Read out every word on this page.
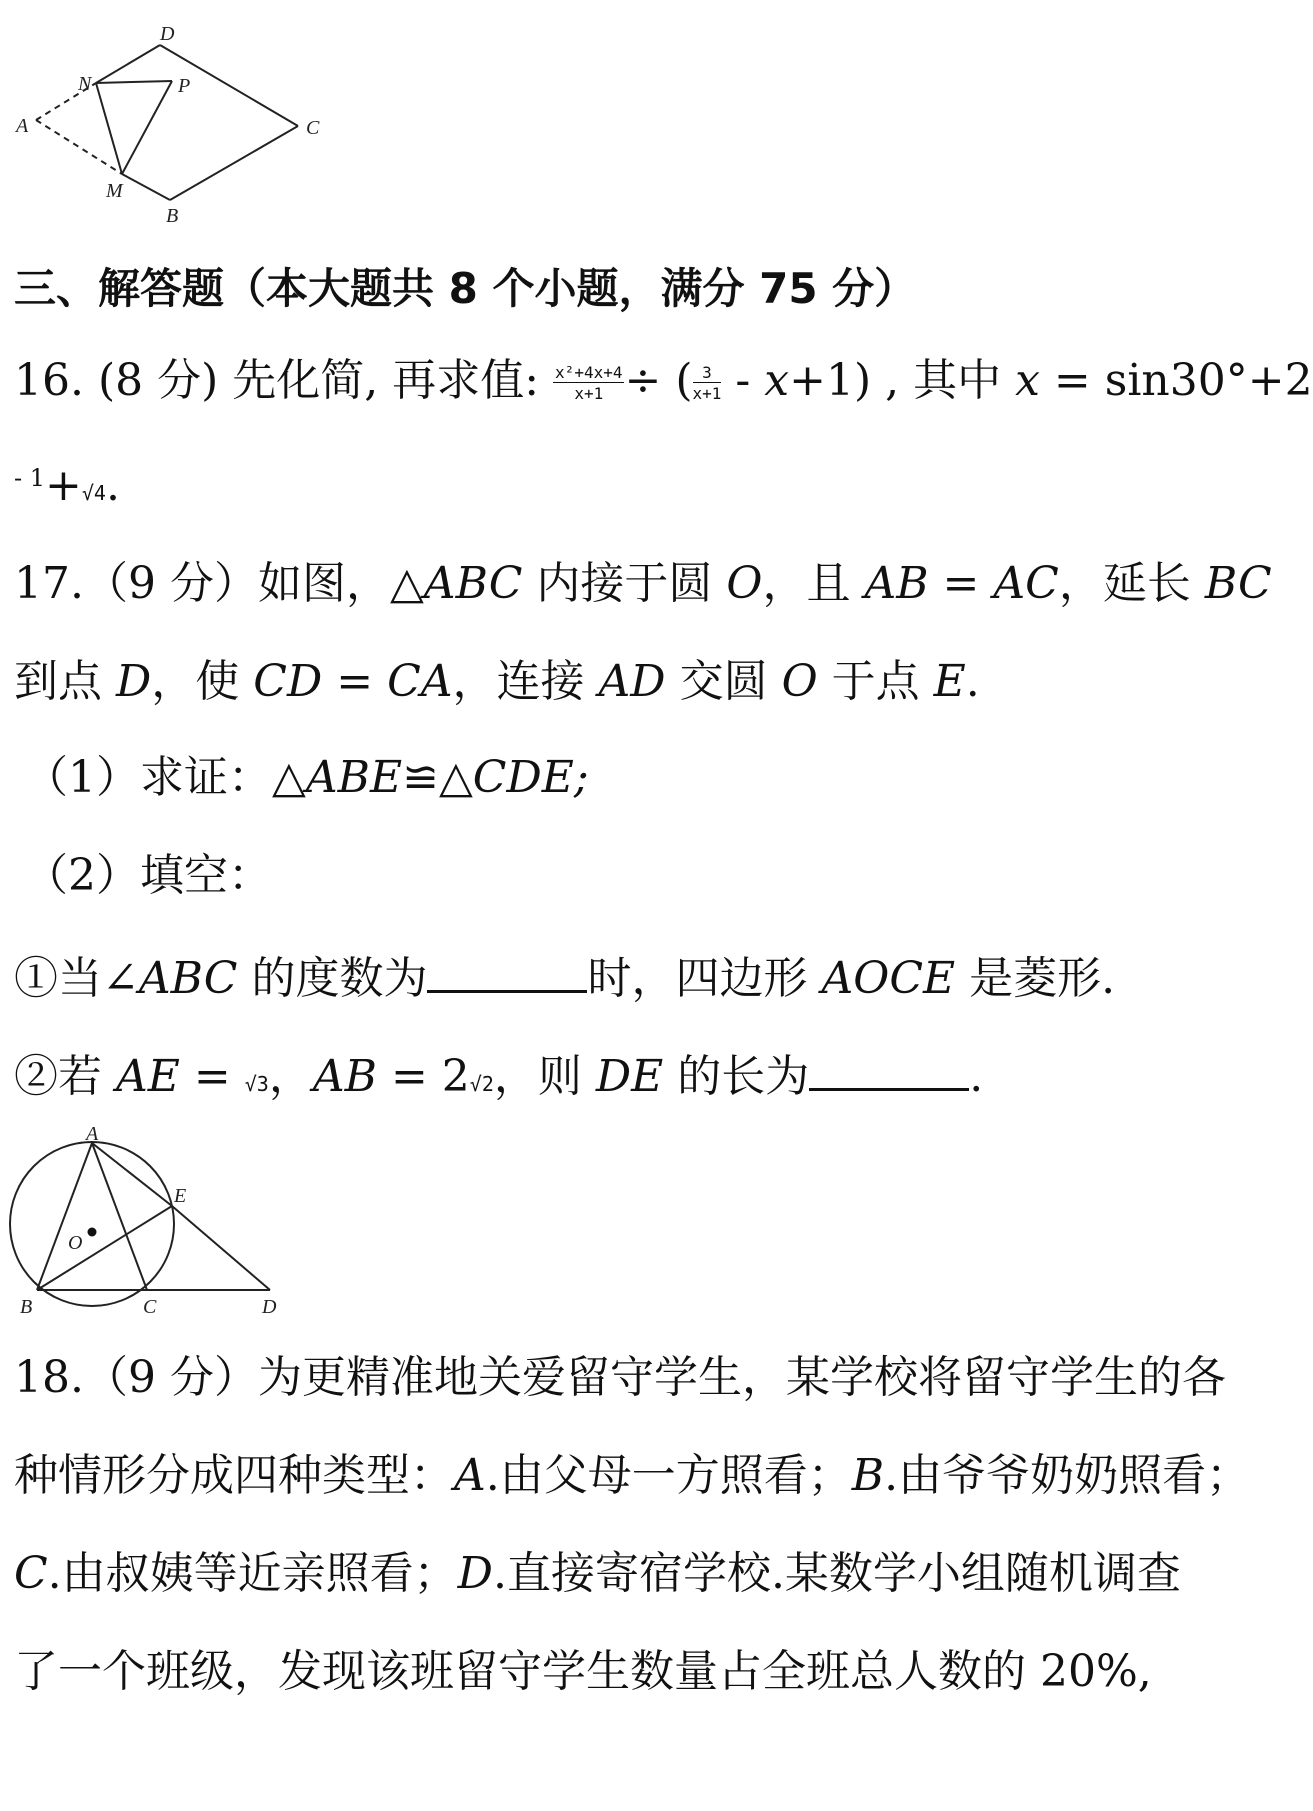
D
N	P
A	C
M
B
三、解答题（本大题共 8 个小题，满分 75 分）
16. (8 分) 先化简, 再求值: $\frac{\text{x²+4x+4}}{x+1}$ ÷ ( $\frac{3}{x+1} - x+1$) , 其中 x = sin30°+2
$^{- 1}$+√4.
17.（9 分）如图，△ABC 内接于圆 O，且 AB = AC，延长 BC
到点 D，使 CD = CA，连接 AD 交圆 O 于点 E.
（1）求证：△ABE≌△CDE;
（2）填空：
①当∠ABC 的度数为	时，四边形 AOCE 是菱形.
②若 AE = √3，AB = 2√2，则 DE 的长为	.
A
E
O
B	C	D
18.（9 分）为更精准地关爱留守学生，某学校将留守学生的各
种情形分成四种类型：A.由父母一方照看；B.由爷爷奶奶照看；
C.由叔姨等近亲照看；D.直接寄宿学校.某数学小组随机调查
了一个班级，发现该班留守学生数量占全班总人数的 20%,
